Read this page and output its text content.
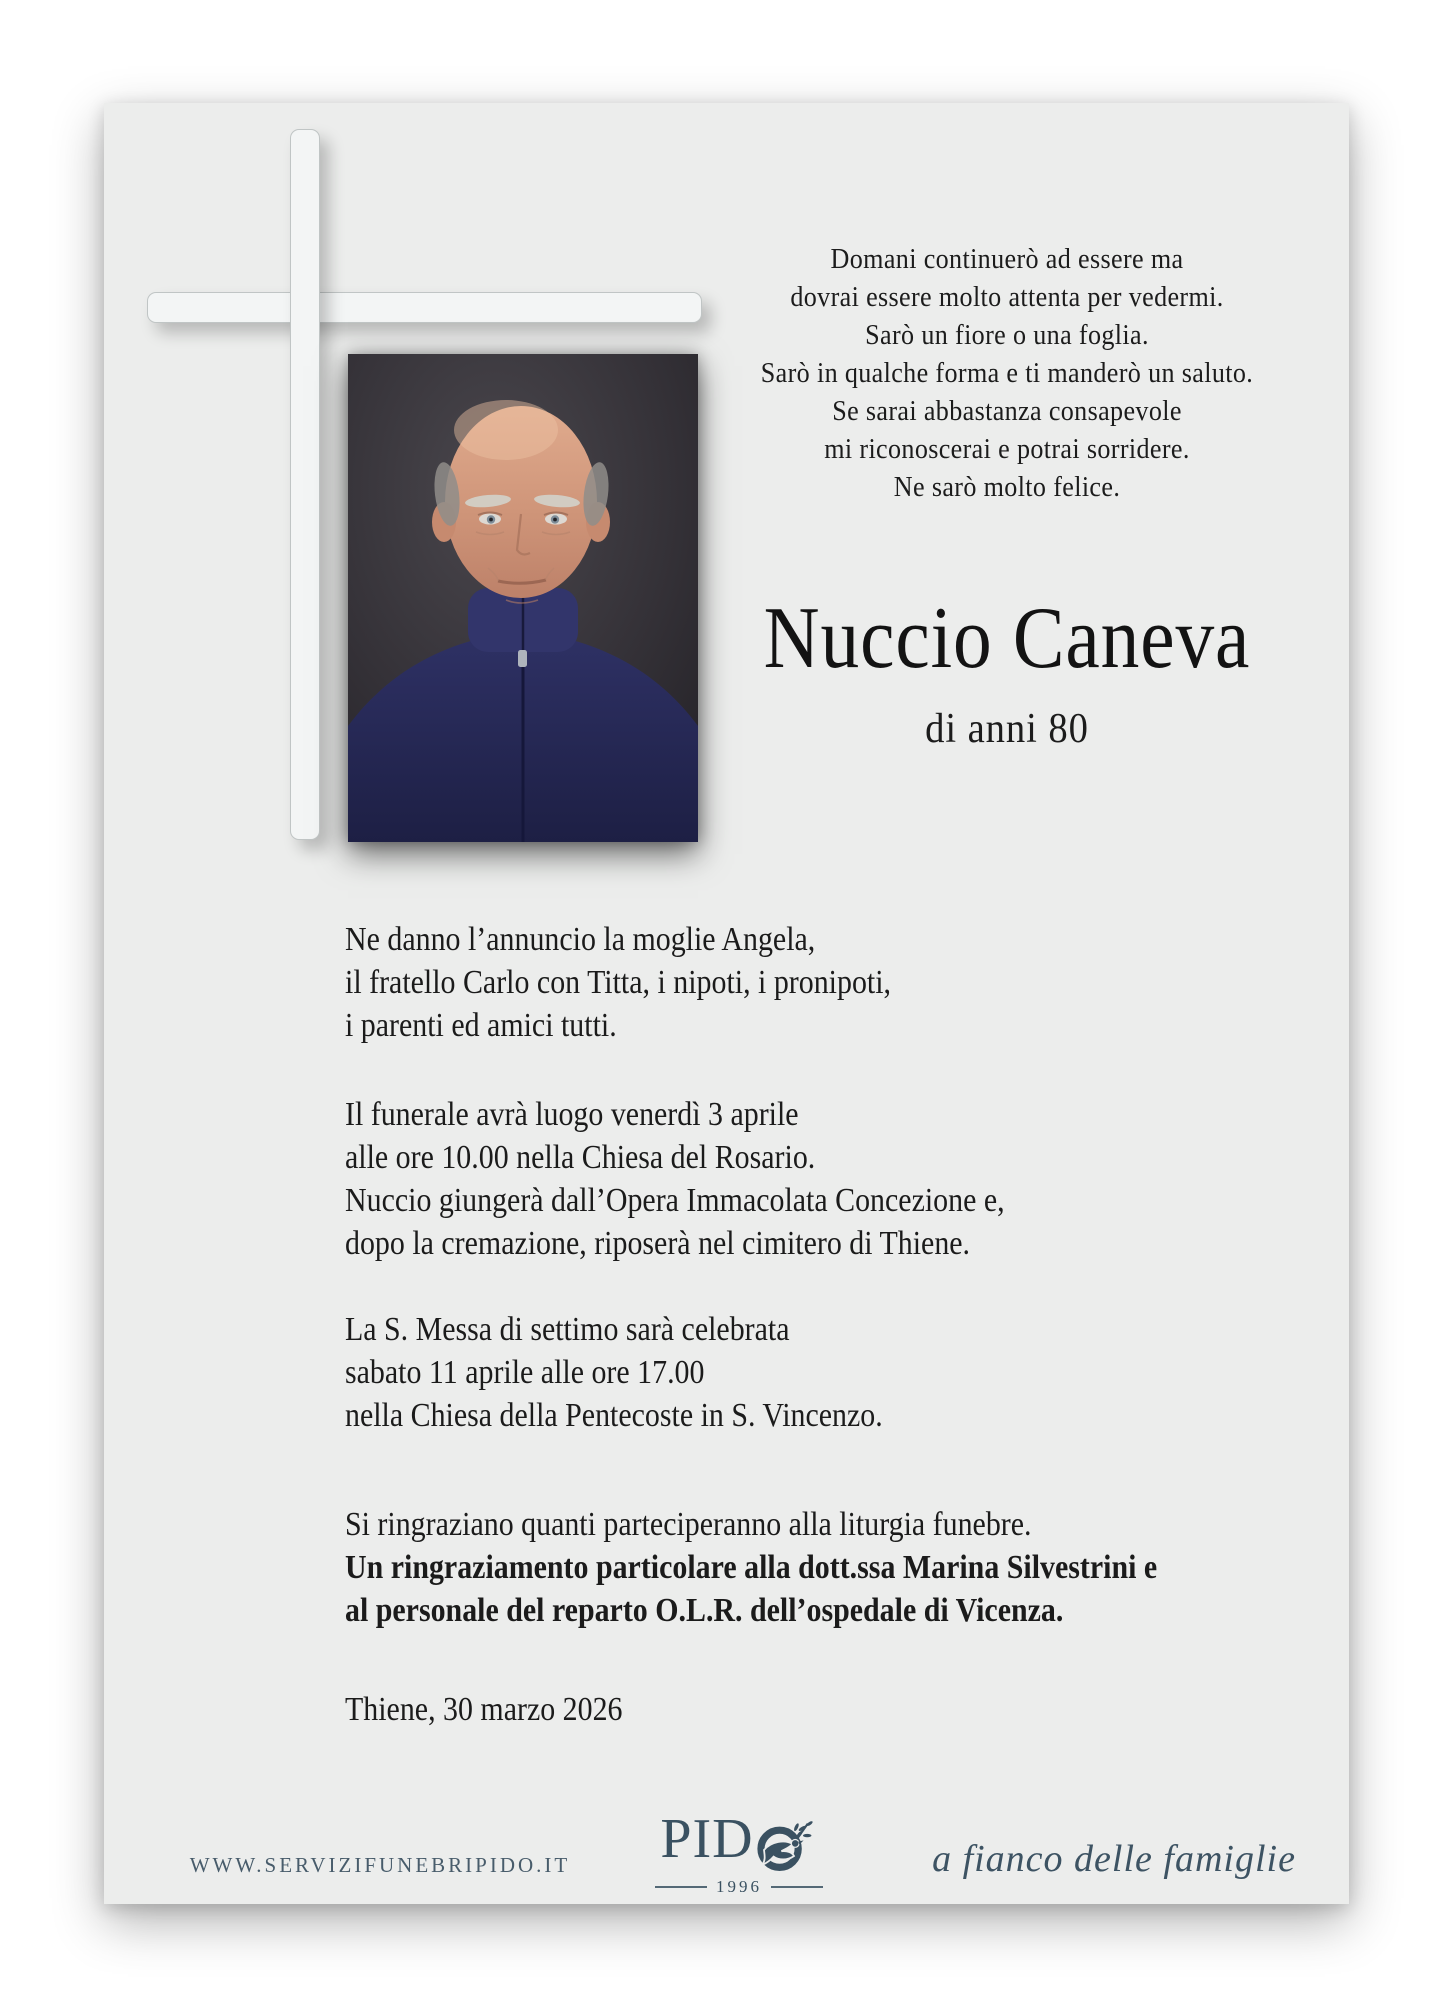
Domani continuerò ad essere ma
dovrai essere molto attenta per vedermi.
Sarò un fiore o una foglia.
Sarò in qualche forma e ti manderò un saluto.
Se sarai abbastanza consapevole
mi riconoscerai e potrai sorridere.
Ne sarò molto felice.
Nuccio Caneva
di anni 80
Ne danno l’annuncio la moglie Angela,
il fratello Carlo con Titta, i nipoti, i pronipoti,
i parenti ed amici tutti.
Il funerale avrà luogo venerdì 3 aprile
alle ore 10.00 nella Chiesa del Rosario.
Nuccio giungerà dall’Opera Immacolata Concezione e,
dopo la cremazione, riposerà nel cimitero di Thiene.
La S. Messa di settimo sarà celebrata
sabato 11 aprile alle ore 17.00
nella Chiesa della Pentecoste in S. Vincenzo.
Si ringraziano quanti parteciperanno alla liturgia funebre.
Un ringraziamento particolare alla dott.ssa Marina Silvestrini e
al personale del reparto O.L.R. dell’ospedale di Vicenza.
Thiene, 30 marzo 2026
WWW.SERVIZIFUNEBRIPIDO.IT	PID
1996
a fianco delle famiglie
